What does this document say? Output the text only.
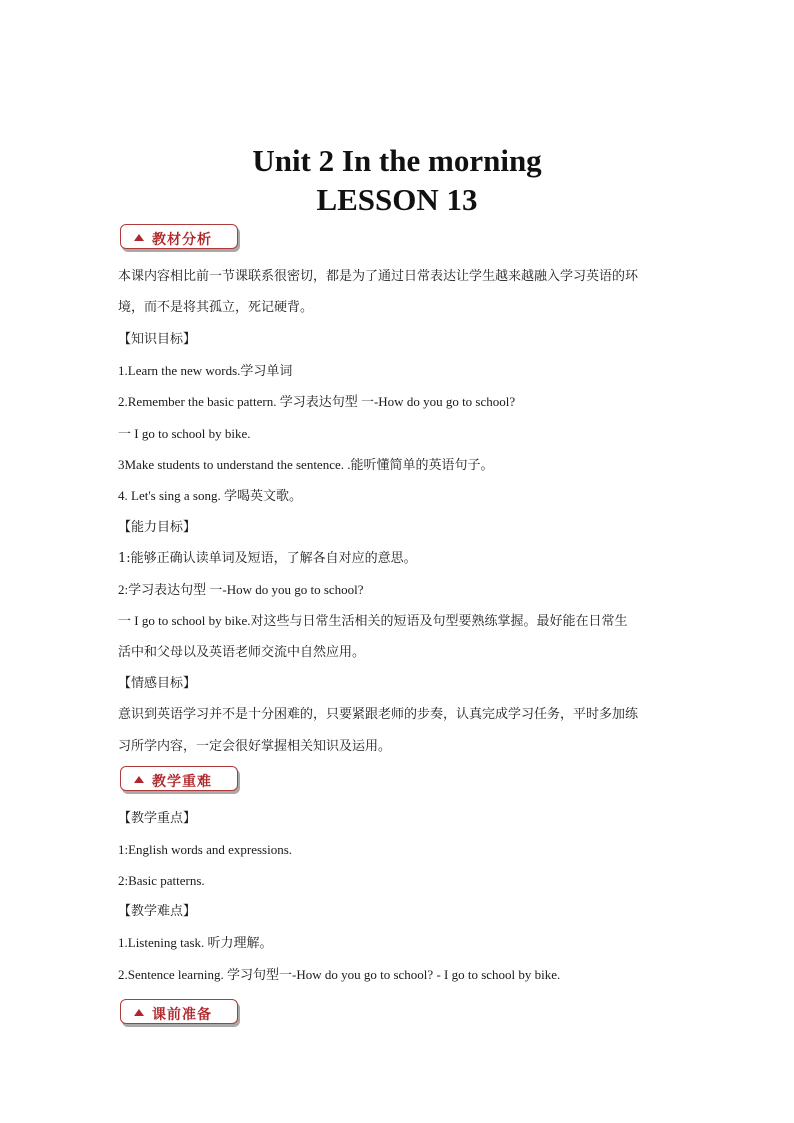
Unit 2 In the morning
LESSON 13
教材分析
本课内容相比前一节课联系很密切，都是为了通过日常表达让学生越来越融入学习英语的环
境，而不是将其孤立，死记硬背。
【知识目标】
1.Learn the new words.学习单词
2.Remember the basic pattern. 学习表达句型 一-How do you go to school?
一 I go to school by bike.
3Make students to understand the sentence. .能听懂简单的英语句子。
4. Let's sing a song. 学喝英文歌。
【能力目标】
1:能够正确认读单词及短语，了解各自对应的意思。
2:学习表达句型 一-How do you go to school?
一 I go to school by bike.对这些与日常生活相关的短语及句型要熟练掌握。最好能在日常生
活中和父母以及英语老师交流中自然应用。
【情感目标】
意识到英语学习并不是十分困难的，只要紧跟老师的步奏，认真完成学习任务，平时多加练
习所学内容，一定会很好掌握相关知识及运用。
【教学重点】
1:English words and expressions.
2:Basic patterns.
【教学难点】
1.Listening task. 听力理解。
2.Sentence learning. 学习句型一-How do you go to school? - I go to school by bike.
教学重难
课前准备
